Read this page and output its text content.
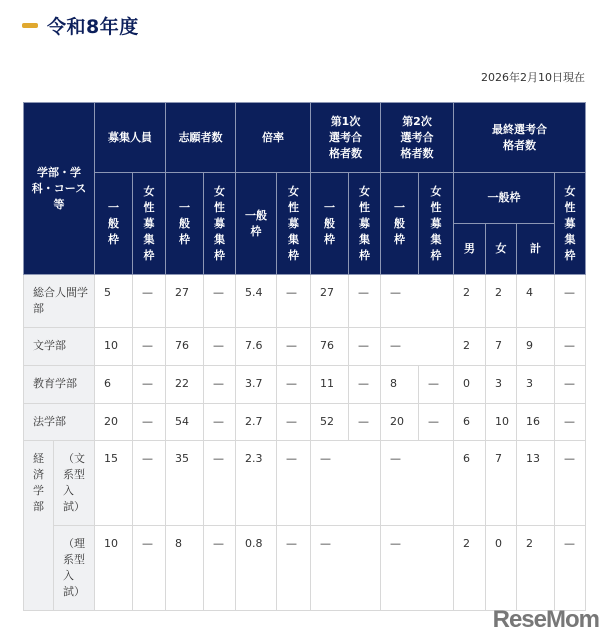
令和8年度
2026年2月10日現在
学部・学科・コース等		募集人員		志願者数		倍率		第1次選考合格者数		第2次選考合格者数		最終選考合格者数			
		一般枠	女性募集枠	一般枠	女性募集枠	一般枠	女性募集枠	一般枠	女性募集枠	一般枠	女性募集枠	一般枠			女性募集枠
												男	女	計	
総合人間学部		5	—	27	—	5.4	—	27	—	—		2	2	4	—
文学部		10	—	76	—	7.6	—	76	—	—		2	7	9	—
教育学部		6	—	22	—	3.7	—	11	—	8	—	0	3	3	—
法学部		20	—	54	—	2.7	—	52	—	20	—	6	10	16	—
経済学部	（文系型入試）	15	—	35	—	2.3	—	—		—		6	7	13	—
	（理系型入試）	10	—	8	—	0.8	—	—		—		2	0	2	—
ReseMom
